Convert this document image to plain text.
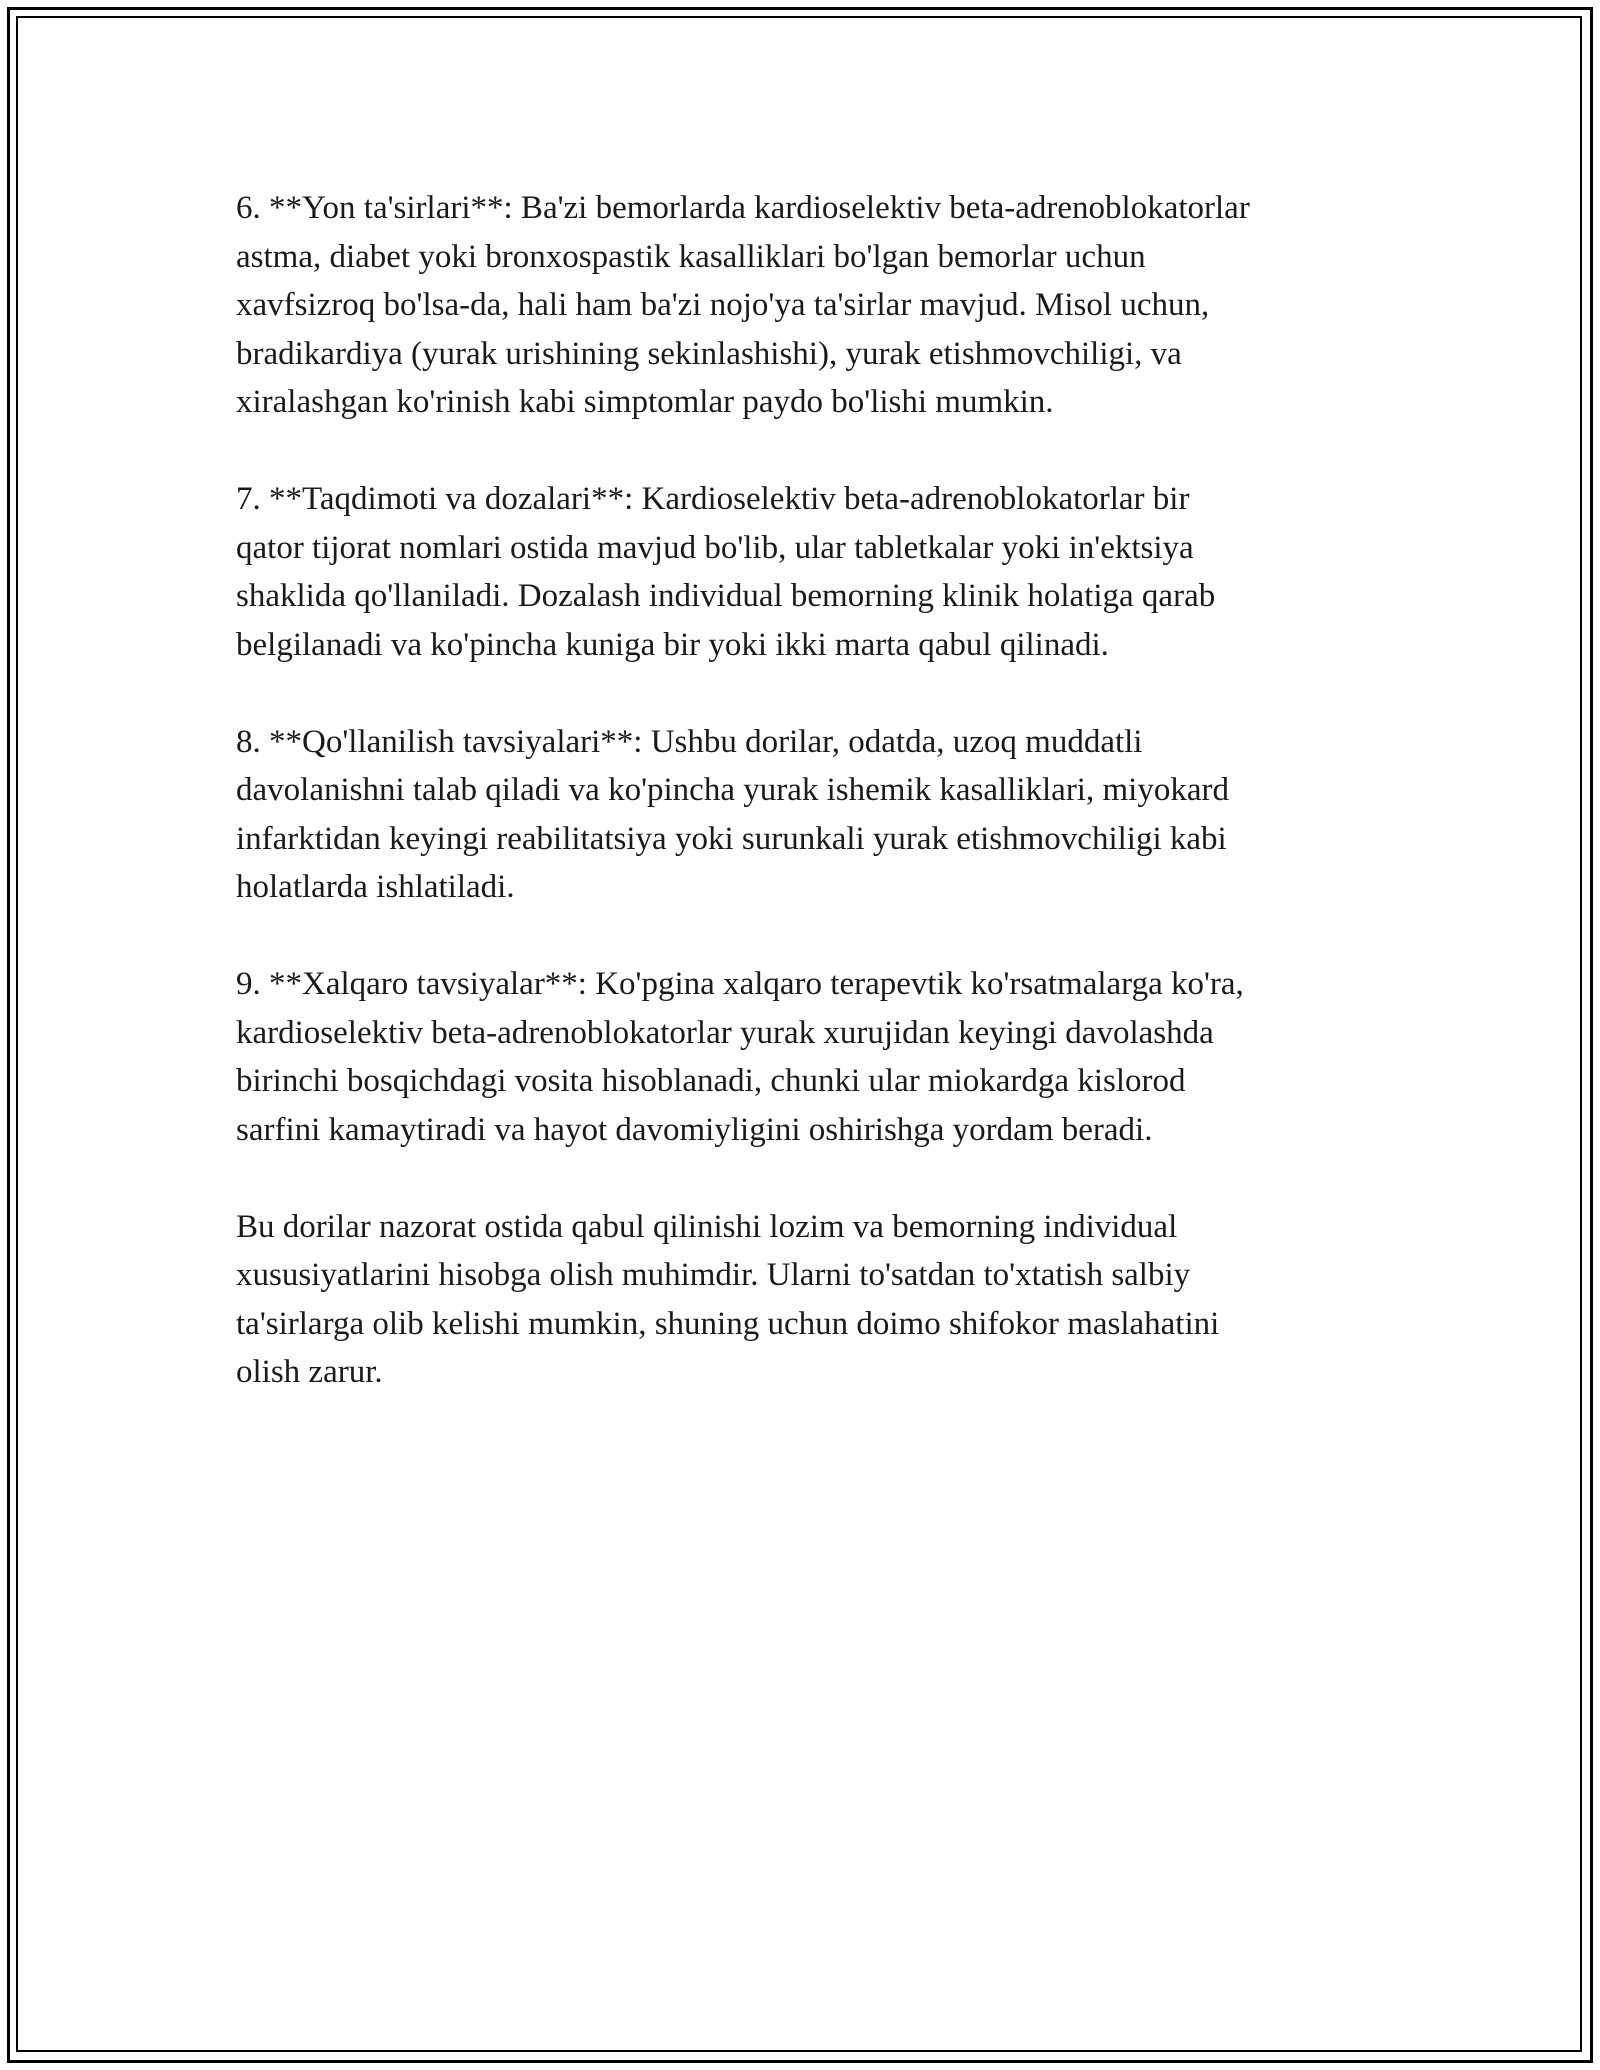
6. **Yon ta'sirlari**: Ba'zi bemorlarda kardioselektiv beta-adrenoblokatorlar
astma, diabet yoki bronxospastik kasalliklari bo'lgan bemorlar uchun
xavfsizroq bo'lsa-da, hali ham ba'zi nojo'ya ta'sirlar mavjud. Misol uchun,
bradikardiya (yurak urishining sekinlashishi), yurak etishmovchiligi, va
xiralashgan ko'rinish kabi simptomlar paydo bo'lishi mumkin.

7. **Taqdimoti va dozalari**: Kardioselektiv beta-adrenoblokatorlar bir
qator tijorat nomlari ostida mavjud bo'lib, ular tabletkalar yoki in'ektsiya
shaklida qo'llaniladi. Dozalash individual bemorning klinik holatiga qarab
belgilanadi va ko'pincha kuniga bir yoki ikki marta qabul qilinadi.

8. **Qo'llanilish tavsiyalari**: Ushbu dorilar, odatda, uzoq muddatli
davolanishni talab qiladi va ko'pincha yurak ishemik kasalliklari, miyokard
infarktidan keyingi reabilitatsiya yoki surunkali yurak etishmovchiligi kabi
holatlarda ishlatiladi.

9. **Xalqaro tavsiyalar**: Ko'pgina xalqaro terapevtik ko'rsatmalarga ko'ra,
kardioselektiv beta-adrenoblokatorlar yurak xurujidan keyingi davolashda
birinchi bosqichdagi vosita hisoblanadi, chunki ular miokardga kislorod
sarfini kamaytiradi va hayot davomiyligini oshirishga yordam beradi.

Bu dorilar nazorat ostida qabul qilinishi lozim va bemorning individual
xususiyatlarini hisobga olish muhimdir. Ularni to'satdan to'xtatish salbiy
ta'sirlarga olib kelishi mumkin, shuning uchun doimo shifokor maslahatini
olish zarur.
